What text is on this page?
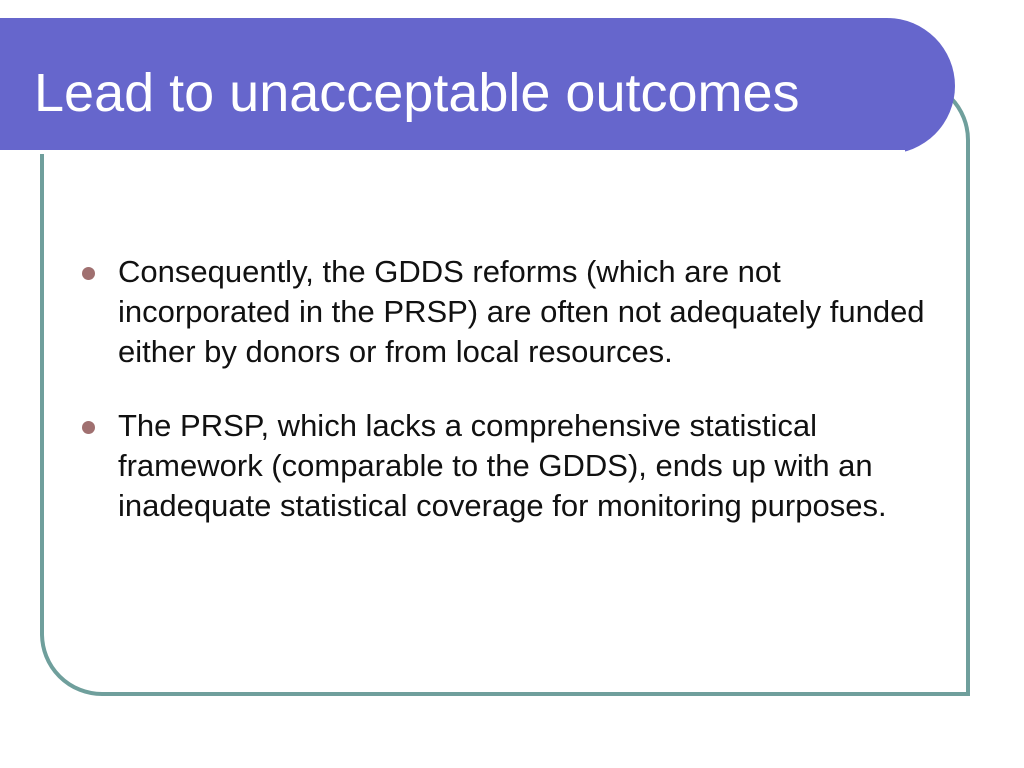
Lead to unacceptable outcomes
Consequently, the GDDS reforms (which are not incorporated in the PRSP) are often not adequately funded either by donors or from local resources.
The PRSP, which lacks a comprehensive statistical framework (comparable to the GDDS), ends up with an inadequate statistical coverage for monitoring purposes.
